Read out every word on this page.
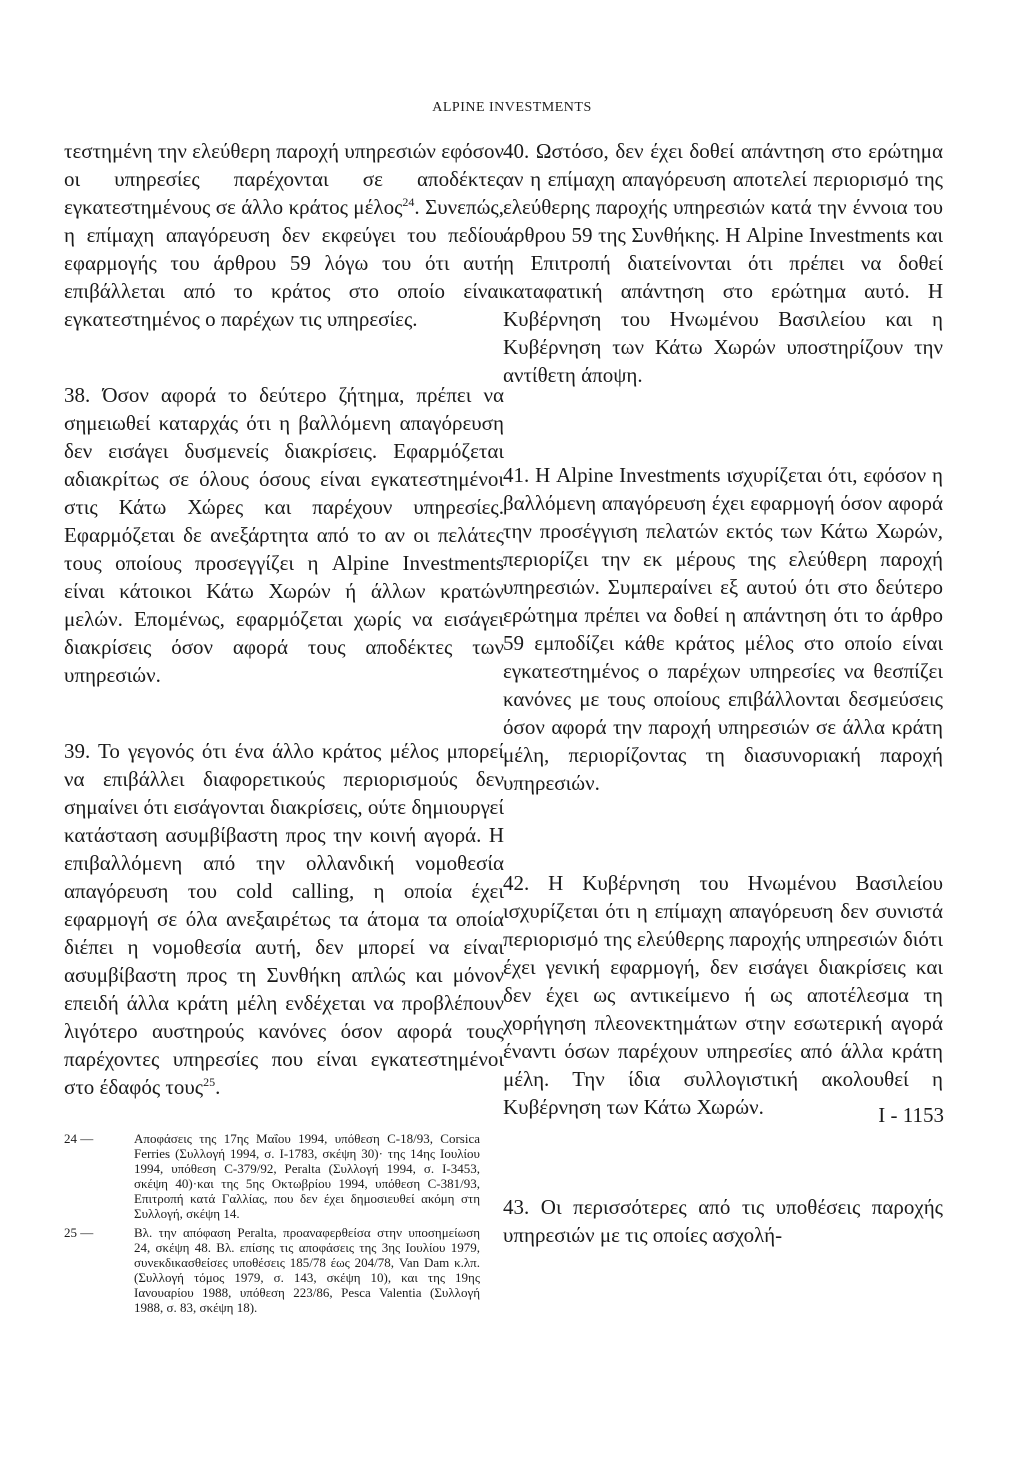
ALPINE INVESTMENTS

τεστημένη την ελεύθερη παροχή υπηρεσιών εφόσον οι υπηρεσίες παρέχονται σε αποδέκτες εγκατεστημένους σε άλλο κράτος μέλος$^{24}$. Συνεπώς, η επίμαχη απαγόρευση δεν εκφεύγει του πεδίου εφαρμογής του άρθρου 59 λόγω του ότι αυτή επιβάλλεται από το κράτος στο οποίο είναι εγκατεστημένος ο παρέχων τις υπηρεσίες.

38. Όσον αφορά το δεύτερο ζήτημα, πρέπει να σημειωθεί καταρχάς ότι η βαλλόμενη απαγόρευση δεν εισάγει δυσμενείς διακρίσεις. Εφαρμόζεται αδιακρίτως σε όλους όσους είναι εγκατεστημένοι στις Κάτω Χώρες και παρέχουν υπηρεσίες. Εφαρμόζεται δε ανεξάρτητα από το αν οι πελάτες τους οποίους προσεγγίζει η Alpine Investments είναι κάτοικοι Κάτω Χωρών ή άλλων κρατών μελών. Επομένως, εφαρμόζεται χωρίς να εισάγει διακρίσεις όσον αφορά τους αποδέκτες των υπηρεσιών.

39. Το γεγονός ότι ένα άλλο κράτος μέλος μπορεί να επιβάλλει διαφορετικούς περιορισμούς δεν σημαίνει ότι εισάγονται διακρίσεις, ούτε δημιουργεί κατάσταση ασυμβίβαστη προς την κοινή αγορά. Η επιβαλλόμενη από την ολλανδική νομοθεσία απαγόρευση του cold calling, η οποία έχει εφαρμογή σε όλα ανεξαιρέτως τα άτομα τα οποία διέπει η νομοθεσία αυτή, δεν μπορεί να είναι ασυμβίβαστη προς τη Συνθήκη απλώς και μόνον επειδή άλλα κράτη μέλη ενδέχεται να προβλέπουν λιγότερο αυστηρούς κανόνες όσον αφορά τους παρέχοντες υπηρεσίες που είναι εγκατεστημένοι στο έδαφός τους$^{25}$.

24 —	Αποφάσεις της 17ης Μαΐου 1994, υπόθεση C-18/93, Corsica Ferries (Συλλογή 1994, σ. I-1783, σκέψη 30)· της 14ης Ιουλίου 1994, υπόθεση C-379/92, Peralta (Συλλογή 1994, σ. I-3453, σκέψη 40)·και της 5ης Οκτωβρίου 1994, υπόθεση C-381/93, Επιτροπή κατά Γαλλίας, που δεν έχει δημοσιευθεί ακόμη στη Συλλογή, σκέψη 14.
25 —	Βλ. την απόφαση Peralta, προαναφερθείσα στην υποσημείωση 24, σκέψη 48. Βλ. επίσης τις αποφάσεις της 3ης Ιουλίου 1979, συνεκδικασθείσες υποθέσεις 185/78 έως 204/78, Van Dam κ.λπ. (Συλλογή τόμος 1979, σ. 143, σκέψη 10), και της 19ης Ιανουαρίου 1988, υπόθεση 223/86, Pesca Valentia (Συλλογή 1988, σ. 83, σκέψη 18).

40. Ωστόσο, δεν έχει δοθεί απάντηση στο ερώτημα αν η επίμαχη απαγόρευση αποτελεί περιορισμό της ελεύθερης παροχής υπηρεσιών κατά την έννοια του άρθρου 59 της Συνθήκης. Η Alpine Investments και η Επιτροπή διατείνονται ότι πρέπει να δοθεί καταφατική απάντηση στο ερώτημα αυτό. Η Κυβέρνηση του Ηνωμένου Βασιλείου και η Κυβέρνηση των Κάτω Χωρών υποστηρίζουν την αντίθετη άποψη.

41. Η Alpine Investments ισχυρίζεται ότι, εφόσον η βαλλόμενη απαγόρευση έχει εφαρμογή όσον αφορά την προσέγγιση πελατών εκτός των Κάτω Χωρών, περιορίζει την εκ μέρους της ελεύθερη παροχή υπηρεσιών. Συμπεραίνει εξ αυτού ότι στο δεύτερο ερώτημα πρέπει να δοθεί η απάντηση ότι το άρθρο 59 εμποδίζει κάθε κράτος μέλος στο οποίο είναι εγκατεστημένος ο παρέχων υπηρεσίες να θεσπίζει κανόνες με τους οποίους επιβάλλονται δεσμεύσεις όσον αφορά την παροχή υπηρεσιών σε άλλα κράτη μέλη, περιορίζοντας τη διασυνοριακή παροχή υπηρεσιών.

42. Η Κυβέρνηση του Ηνωμένου Βασιλείου ισχυρίζεται ότι η επίμαχη απαγόρευση δεν συνιστά περιορισμό της ελεύθερης παροχής υπηρεσιών διότι έχει γενική εφαρμογή, δεν εισάγει διακρίσεις και δεν έχει ως αντικείμενο ή ως αποτέλεσμα τη χορήγηση πλεονεκτημάτων στην εσωτερική αγορά έναντι όσων παρέχουν υπηρεσίες από άλλα κράτη μέλη. Την ίδια συλλογιστική ακολουθεί η Κυβέρνηση των Κάτω Χωρών.

43. Οι περισσότερες από τις υποθέσεις παροχής υπηρεσιών με τις οποίες ασχολή-

I - 1153
